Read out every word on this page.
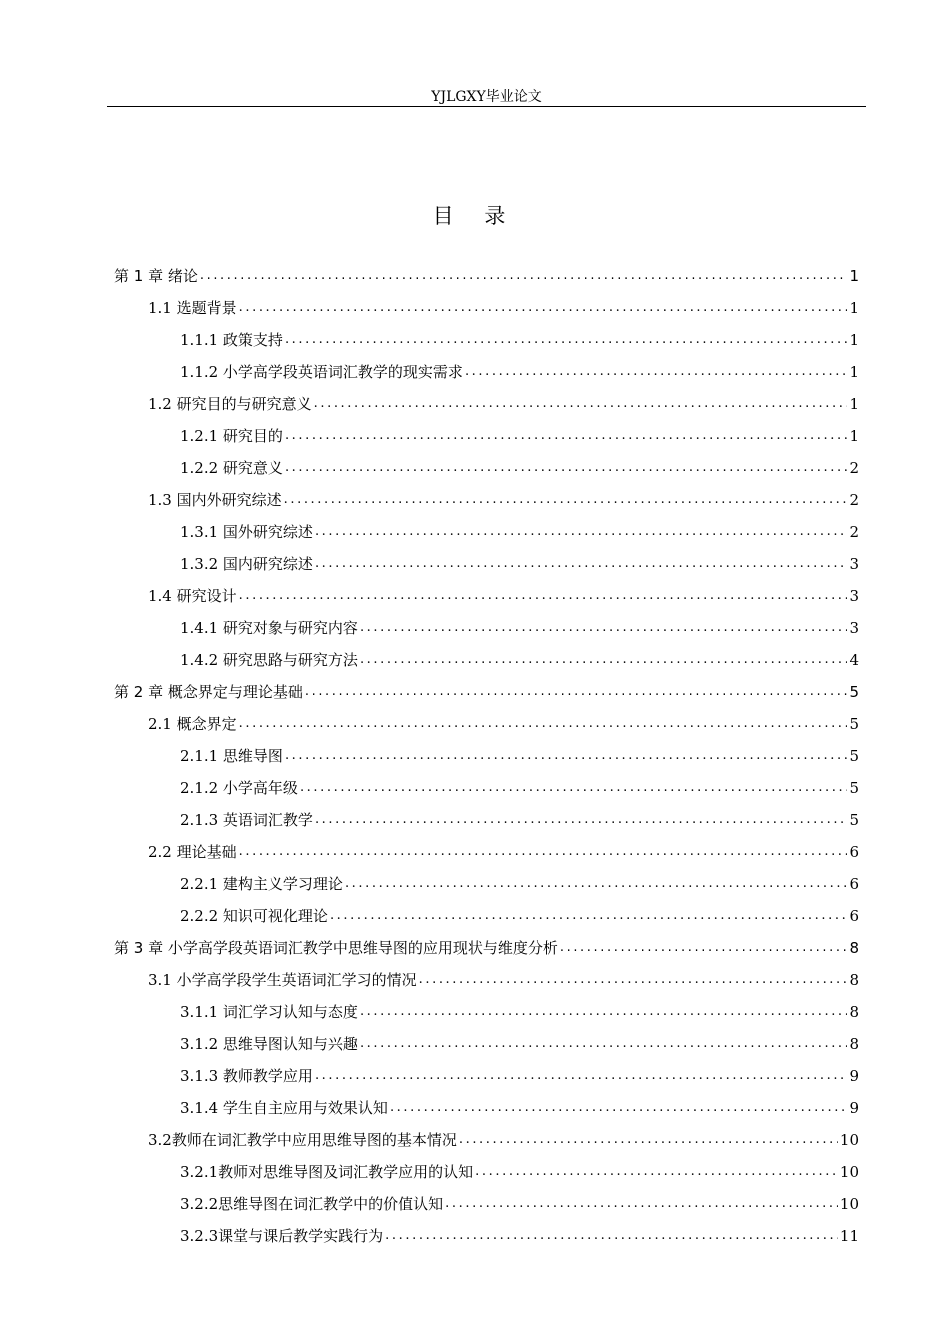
YJLGXY毕业论文
目 录
第 1 章 绪论 .....	1
1.1 选题背景 .....	1
1.1.1 政策支持 .....	1
1.1.2 小学高学段英语词汇教学的现实需求 .....	1
1.2 研究目的与研究意义 .....	1
1.2.1 研究目的 .....	1
1.2.2 研究意义 .....	2
1.3 国内外研究综述 .....	2
1.3.1 国外研究综述 .....	2
1.3.2 国内研究综述 .....	3
1.4 研究设计 .....	3
1.4.1 研究对象与研究内容 .....	3
1.4.2 研究思路与研究方法 .....	4
第 2 章 概念界定与理论基础 .....	5
2.1 概念界定 .....	5
2.1.1 思维导图 .....	5
2.1.2 小学高年级 .....	5
2.1.3 英语词汇教学 .....	5
2.2 理论基础 .....	6
2.2.1 建构主义学习理论 .....	6
2.2.2 知识可视化理论 .....	6
第 3 章 小学高学段英语词汇教学中思维导图的应用现状与维度分析 .....	8
3.1 小学高学段学生英语词汇学习的情况 .....	8
3.1.1 词汇学习认知与态度 .....	8
3.1.2 思维导图认知与兴趣 .....	8
3.1.3 教师教学应用 .....	9
3.1.4 学生自主应用与效果认知 .....	9
3.2教师在词汇教学中应用思维导图的基本情况 .....	10
3.2.1教师对思维导图及词汇教学应用的认知 .....	10
3.2.2思维导图在词汇教学中的价值认知 .....	10
3.2.3课堂与课后教学实践行为 .....	11
